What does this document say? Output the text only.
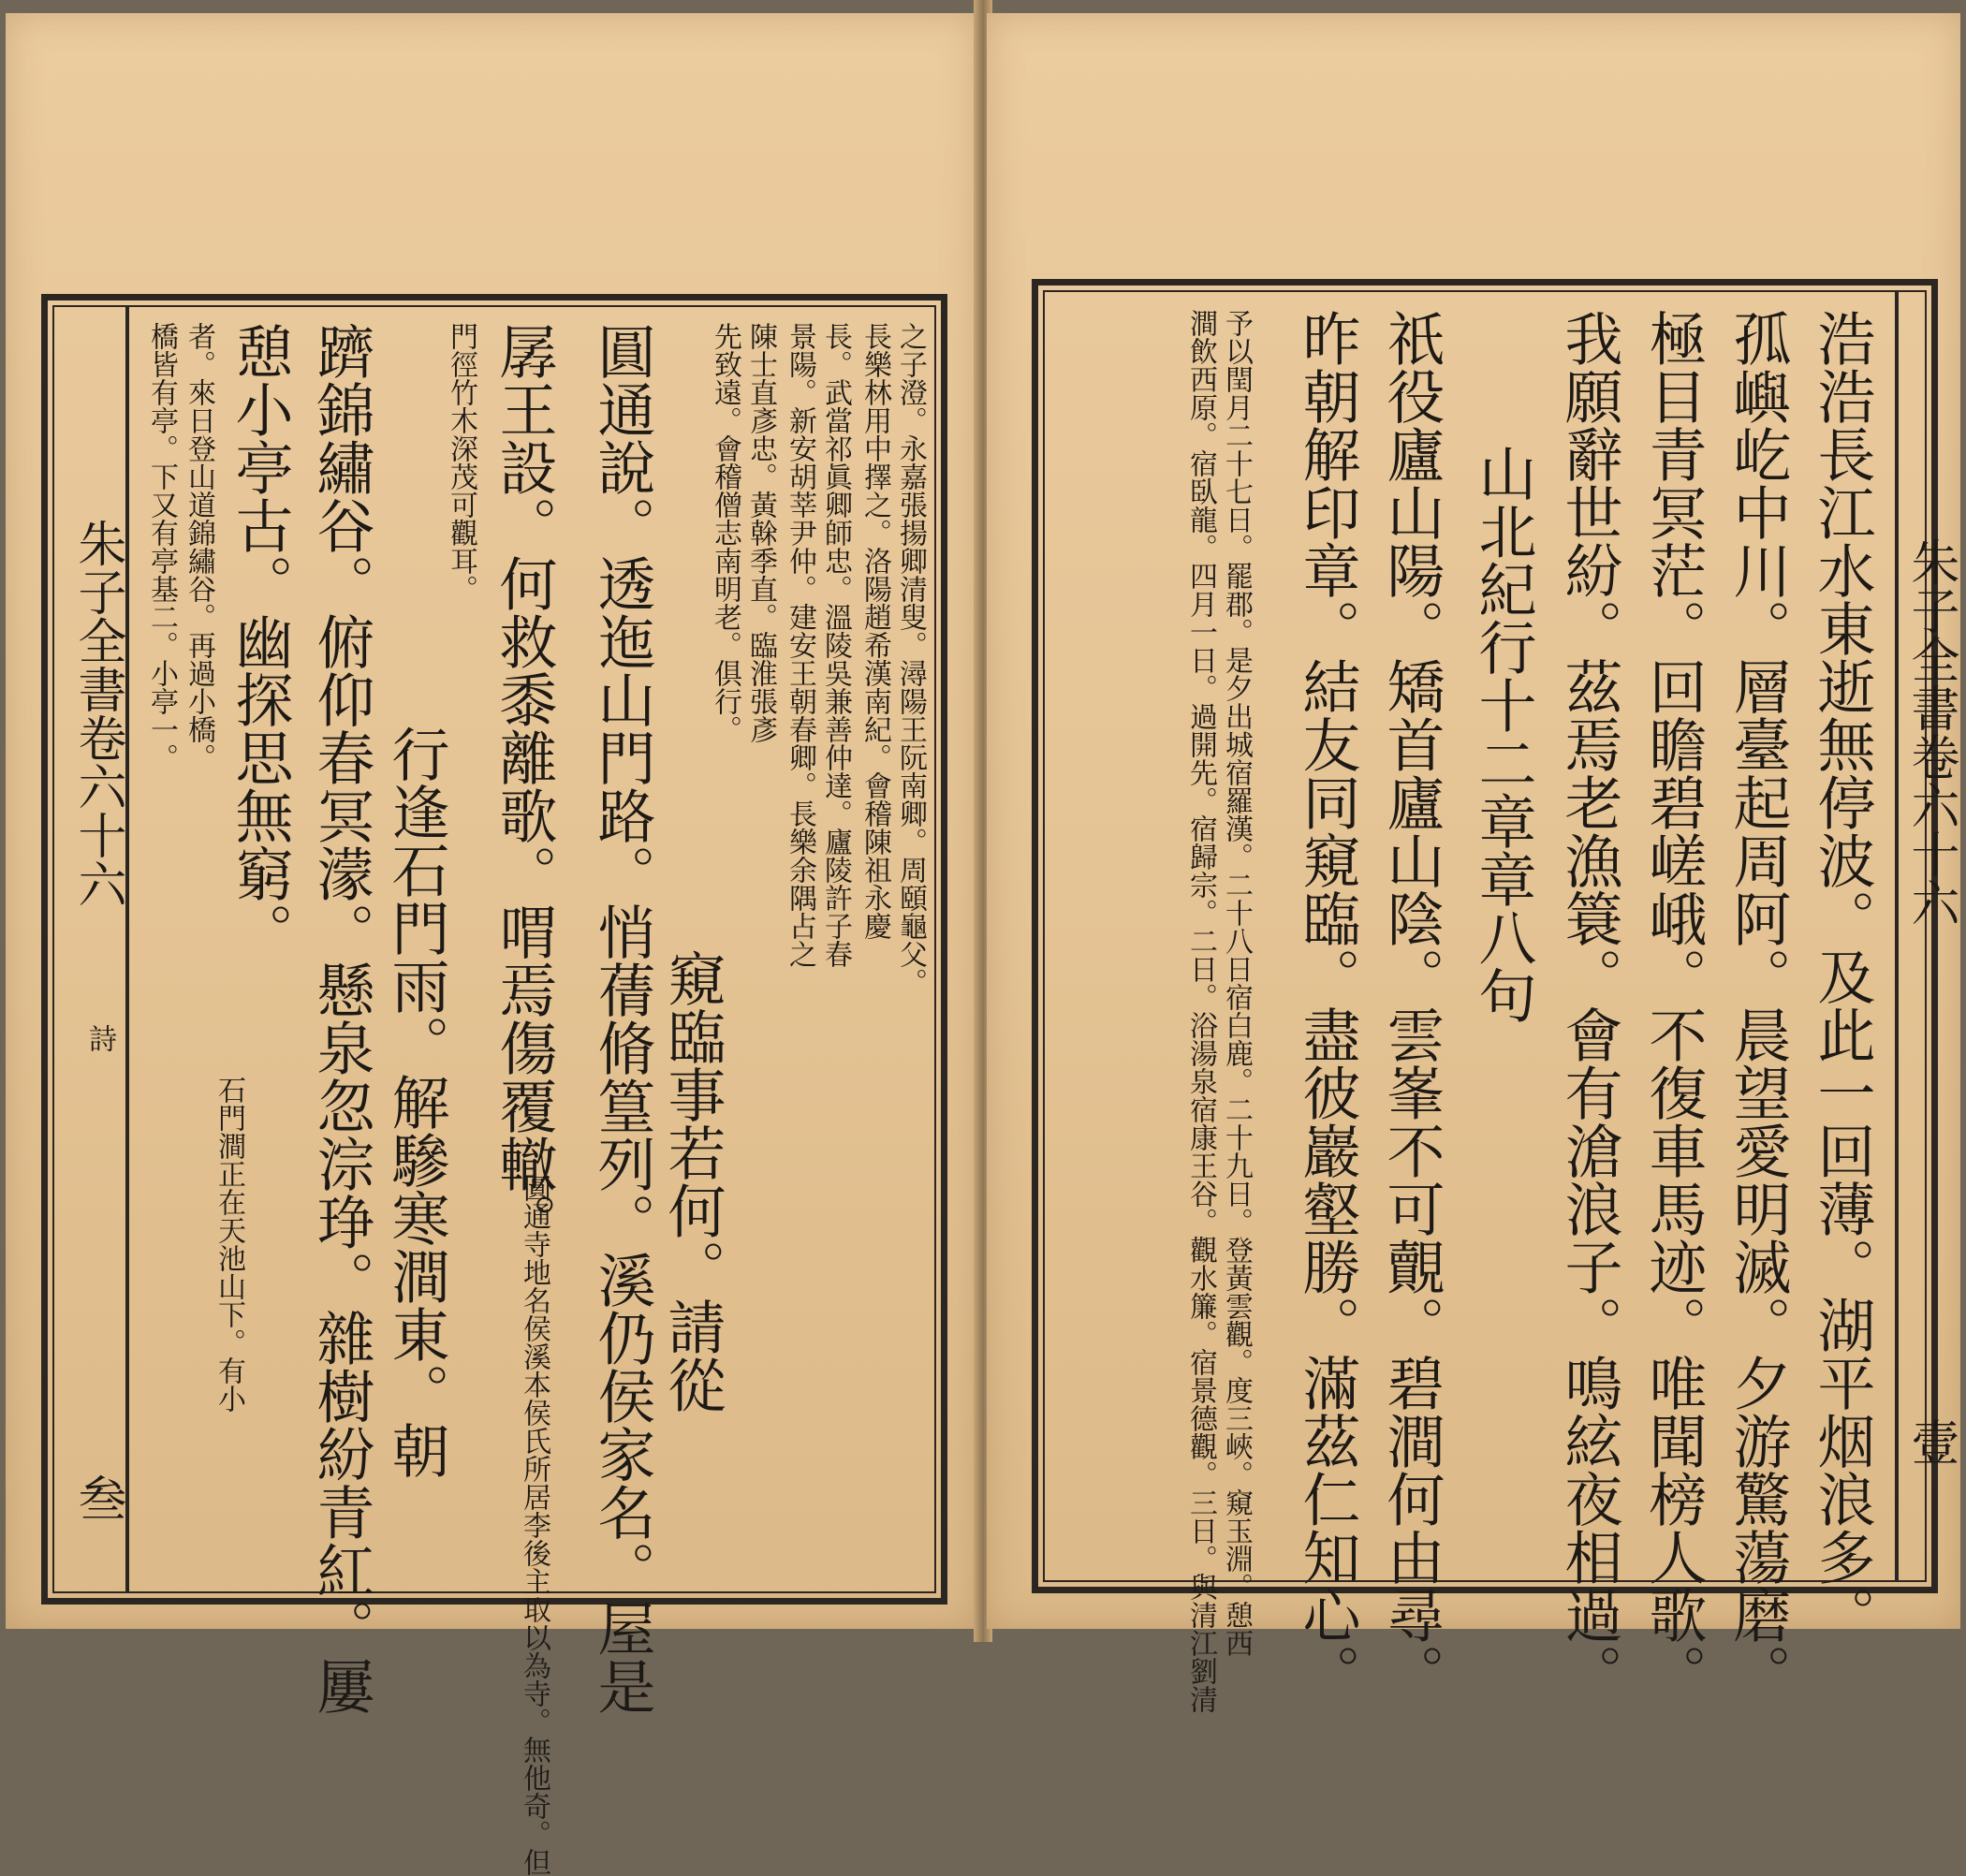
朱子全書卷六十六
詩
叁
之子澄。永嘉張揚卿清叟。潯陽王阮南卿。周頤龜父。
長樂林用中擇之。洛陽趙希漢南紀。會稽陳祖永慶
長。武當祁眞卿師忠。溫陵吳兼善仲達。廬陵許子春
景陽。新安胡莘尹仲。建安王朝春卿。長樂余隅占之
陳士直彥忠。黃榦季直。臨淮張彥
先致遠。會稽僧志南明老。俱行。
窺臨事若何。請從
圓通說。透迤山門路。悄蒨脩篁列。溪仍侯家名。屋是
孱王設。何救黍離歌。喟焉傷覆轍。
圓通寺地名侯溪本侯氏所居李後主取以為寺。無他奇。但
門徑竹木深茂可觀耳。
行逢石門雨。解驂寒澗東。朝
躋錦繡谷。俯仰春冥濛。懸泉忽淙琤。雜樹紛青紅。屢
憩小亭古。幽探思無窮。
石門澗正在天池山下。有小
者。來日登山道錦繡谷。再過小橋。
橋皆有亭。下又有亭基二。小亭一。	朱子全書卷六十六
壹
浩浩長江水東逝無停波。及此一回薄。湖平烟浪多。
孤嶼屹中川。層臺起周阿。晨望愛明滅。夕游驚蕩磨。
極目青冥茫。回瞻碧嵯峨。不復車馬迹。唯聞榜人歌。
我願辭世紛。茲焉老漁簑。會有滄浪子。鳴絃夜相過。
山北紀行十二章章八句
祇役廬山陽。矯首廬山陰。雲峯不可覿。碧澗何由尋。
昨朝解印章。結友同窺臨。盡彼巖壑勝。滿茲仁知心。
予以閏月二十七日。罷郡。是夕出城宿羅漢。二十八日宿白鹿。二十九日。登黃雲觀。度三峽。窺玉淵。憩西
澗飲西原。宿臥龍。四月一日。過開先。宿歸宗。二日。浴湯泉宿康王谷。觀水簾。宿景德觀。三日。與清江劉清
